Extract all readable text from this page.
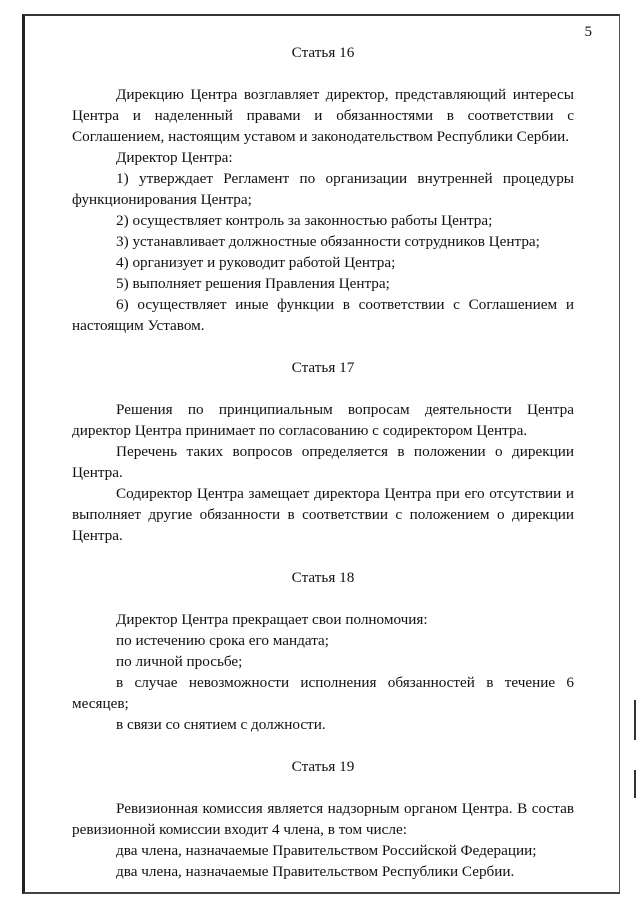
5

Статья 16

Дирекцию Центра возглавляет директор, представляющий интересы Центра и наделенный правами и обязанностями в соответствии с Соглашением, настоящим уставом и законодательством Республики Сербии.

Директор Центра:

1) утверждает Регламент по организации внутренней процедуры функционирования Центра;

2) осуществляет контроль за законностью работы Центра;

3) устанавливает должностные обязанности сотрудников Центра;

4) организует и руководит работой Центра;

5) выполняет решения Правления Центра;

6) осуществляет иные функции в соответствии с Соглашением и настоящим Уставом.

Статья 17

Решения по принципиальным вопросам деятельности Центра директор Центра принимает по согласованию с содиректором Центра.

Перечень таких вопросов определяется в положении о дирекции Центра.

Содиректор Центра замещает директора Центра при его отсутствии и выполняет другие обязанности в соответствии с положением о дирекции Центра.

Статья 18

Директор Центра прекращает свои полномочия:

по истечению срока его мандата;

по личной просьбе;

в случае невозможности исполнения обязанностей в течение 6 месяцев;

в связи со снятием с должности.

Статья 19

Ревизионная комиссия является надзорным органом Центра. В состав ревизионной комиссии входит 4 члена, в том числе:

два члена, назначаемые Правительством Российской Федерации;

два члена, назначаемые Правительством Республики Сербии.
